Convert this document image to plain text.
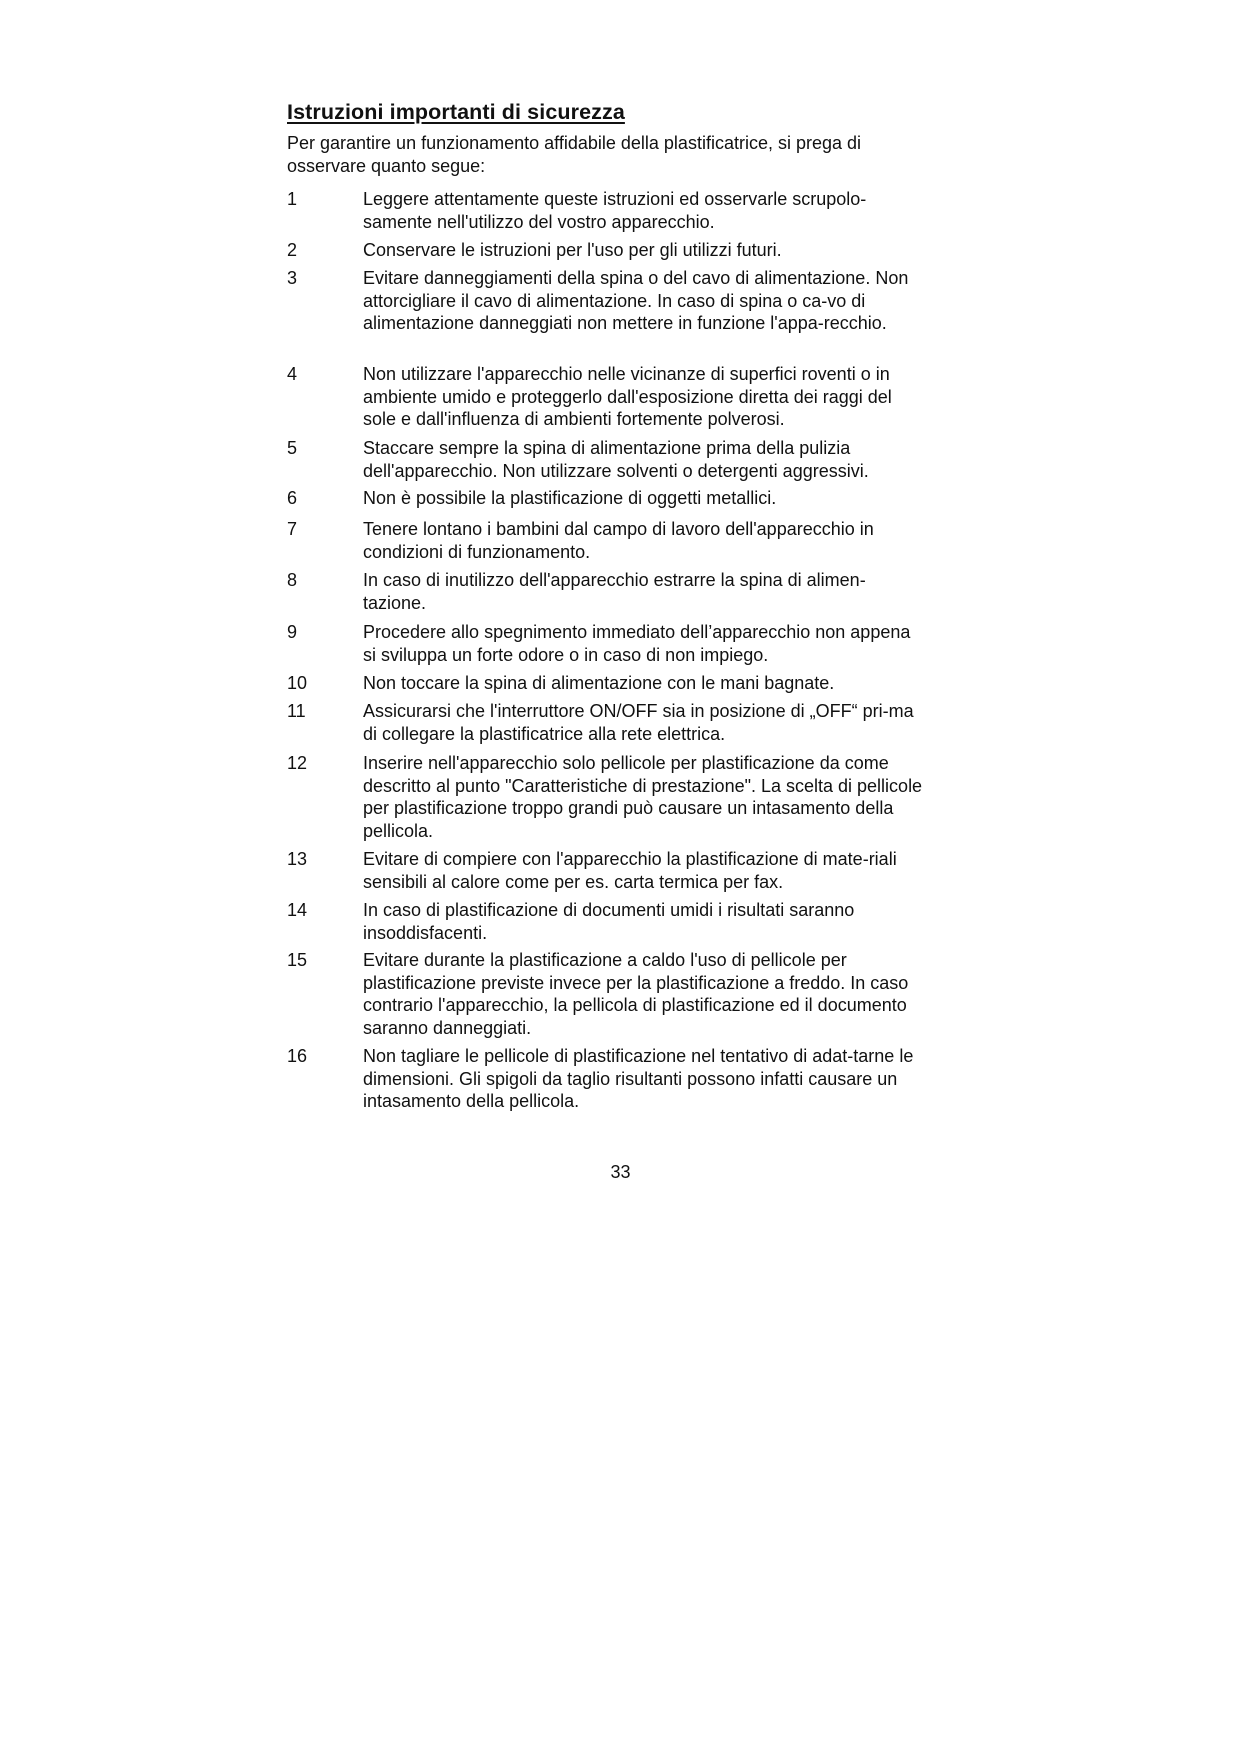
Istruzioni importanti di sicurezza
Per garantire un funzionamento affidabile della plastificatrice, si prega di osservare quanto segue:
1	Leggere attentamente queste istruzioni ed osservarle scrupolo-samente nell'utilizzo del vostro apparecchio.
2	Conservare le istruzioni per l'uso per gli utilizzi futuri.
3	Evitare danneggiamenti della spina o del cavo di alimentazione. Non attorcigliare il cavo di alimentazione. In caso di spina o ca-vo di alimentazione danneggiati non mettere in funzione l'appa-recchio.
4	Non utilizzare l'apparecchio nelle vicinanze di superfici roventi o in ambiente umido e proteggerlo dall'esposizione diretta dei raggi del sole e dall'influenza di ambienti fortemente polverosi.
5	Staccare sempre la spina di alimentazione prima della pulizia dell'apparecchio. Non utilizzare solventi o detergenti aggressivi.
6	Non è possibile la plastificazione di oggetti metallici.
7	Tenere lontano i bambini dal campo di lavoro dell'apparecchio in condizioni di funzionamento.
8	In caso di inutilizzo dell'apparecchio estrarre la spina di alimen-tazione.
9	Procedere allo spegnimento immediato dell’apparecchio non appena si sviluppa un forte odore o in caso di non impiego.
10	Non toccare la spina di alimentazione con le mani bagnate.
11	Assicurarsi che l'interruttore ON/OFF sia in posizione di „OFF“ pri-ma di collegare la plastificatrice alla rete elettrica.
12	Inserire nell'apparecchio solo pellicole per plastificazione da come descritto al punto "Caratteristiche di prestazione". La scelta di pellicole per plastificazione troppo grandi può causare un intasamento della pellicola.
13	Evitare di compiere con l'apparecchio la plastificazione di mate-riali sensibili al calore come per es. carta termica per fax.
14	In caso di plastificazione di documenti umidi i risultati saranno insoddisfacenti.
15	Evitare durante la plastificazione a caldo l'uso di pellicole per plastificazione previste invece per la plastificazione a freddo. In caso contrario l'apparecchio, la pellicola di plastificazione ed il documento saranno danneggiati.
16	Non tagliare le pellicole di plastificazione nel tentativo di adat-tarne le dimensioni. Gli spigoli da taglio risultanti possono infatti causare un intasamento della pellicola.
33
